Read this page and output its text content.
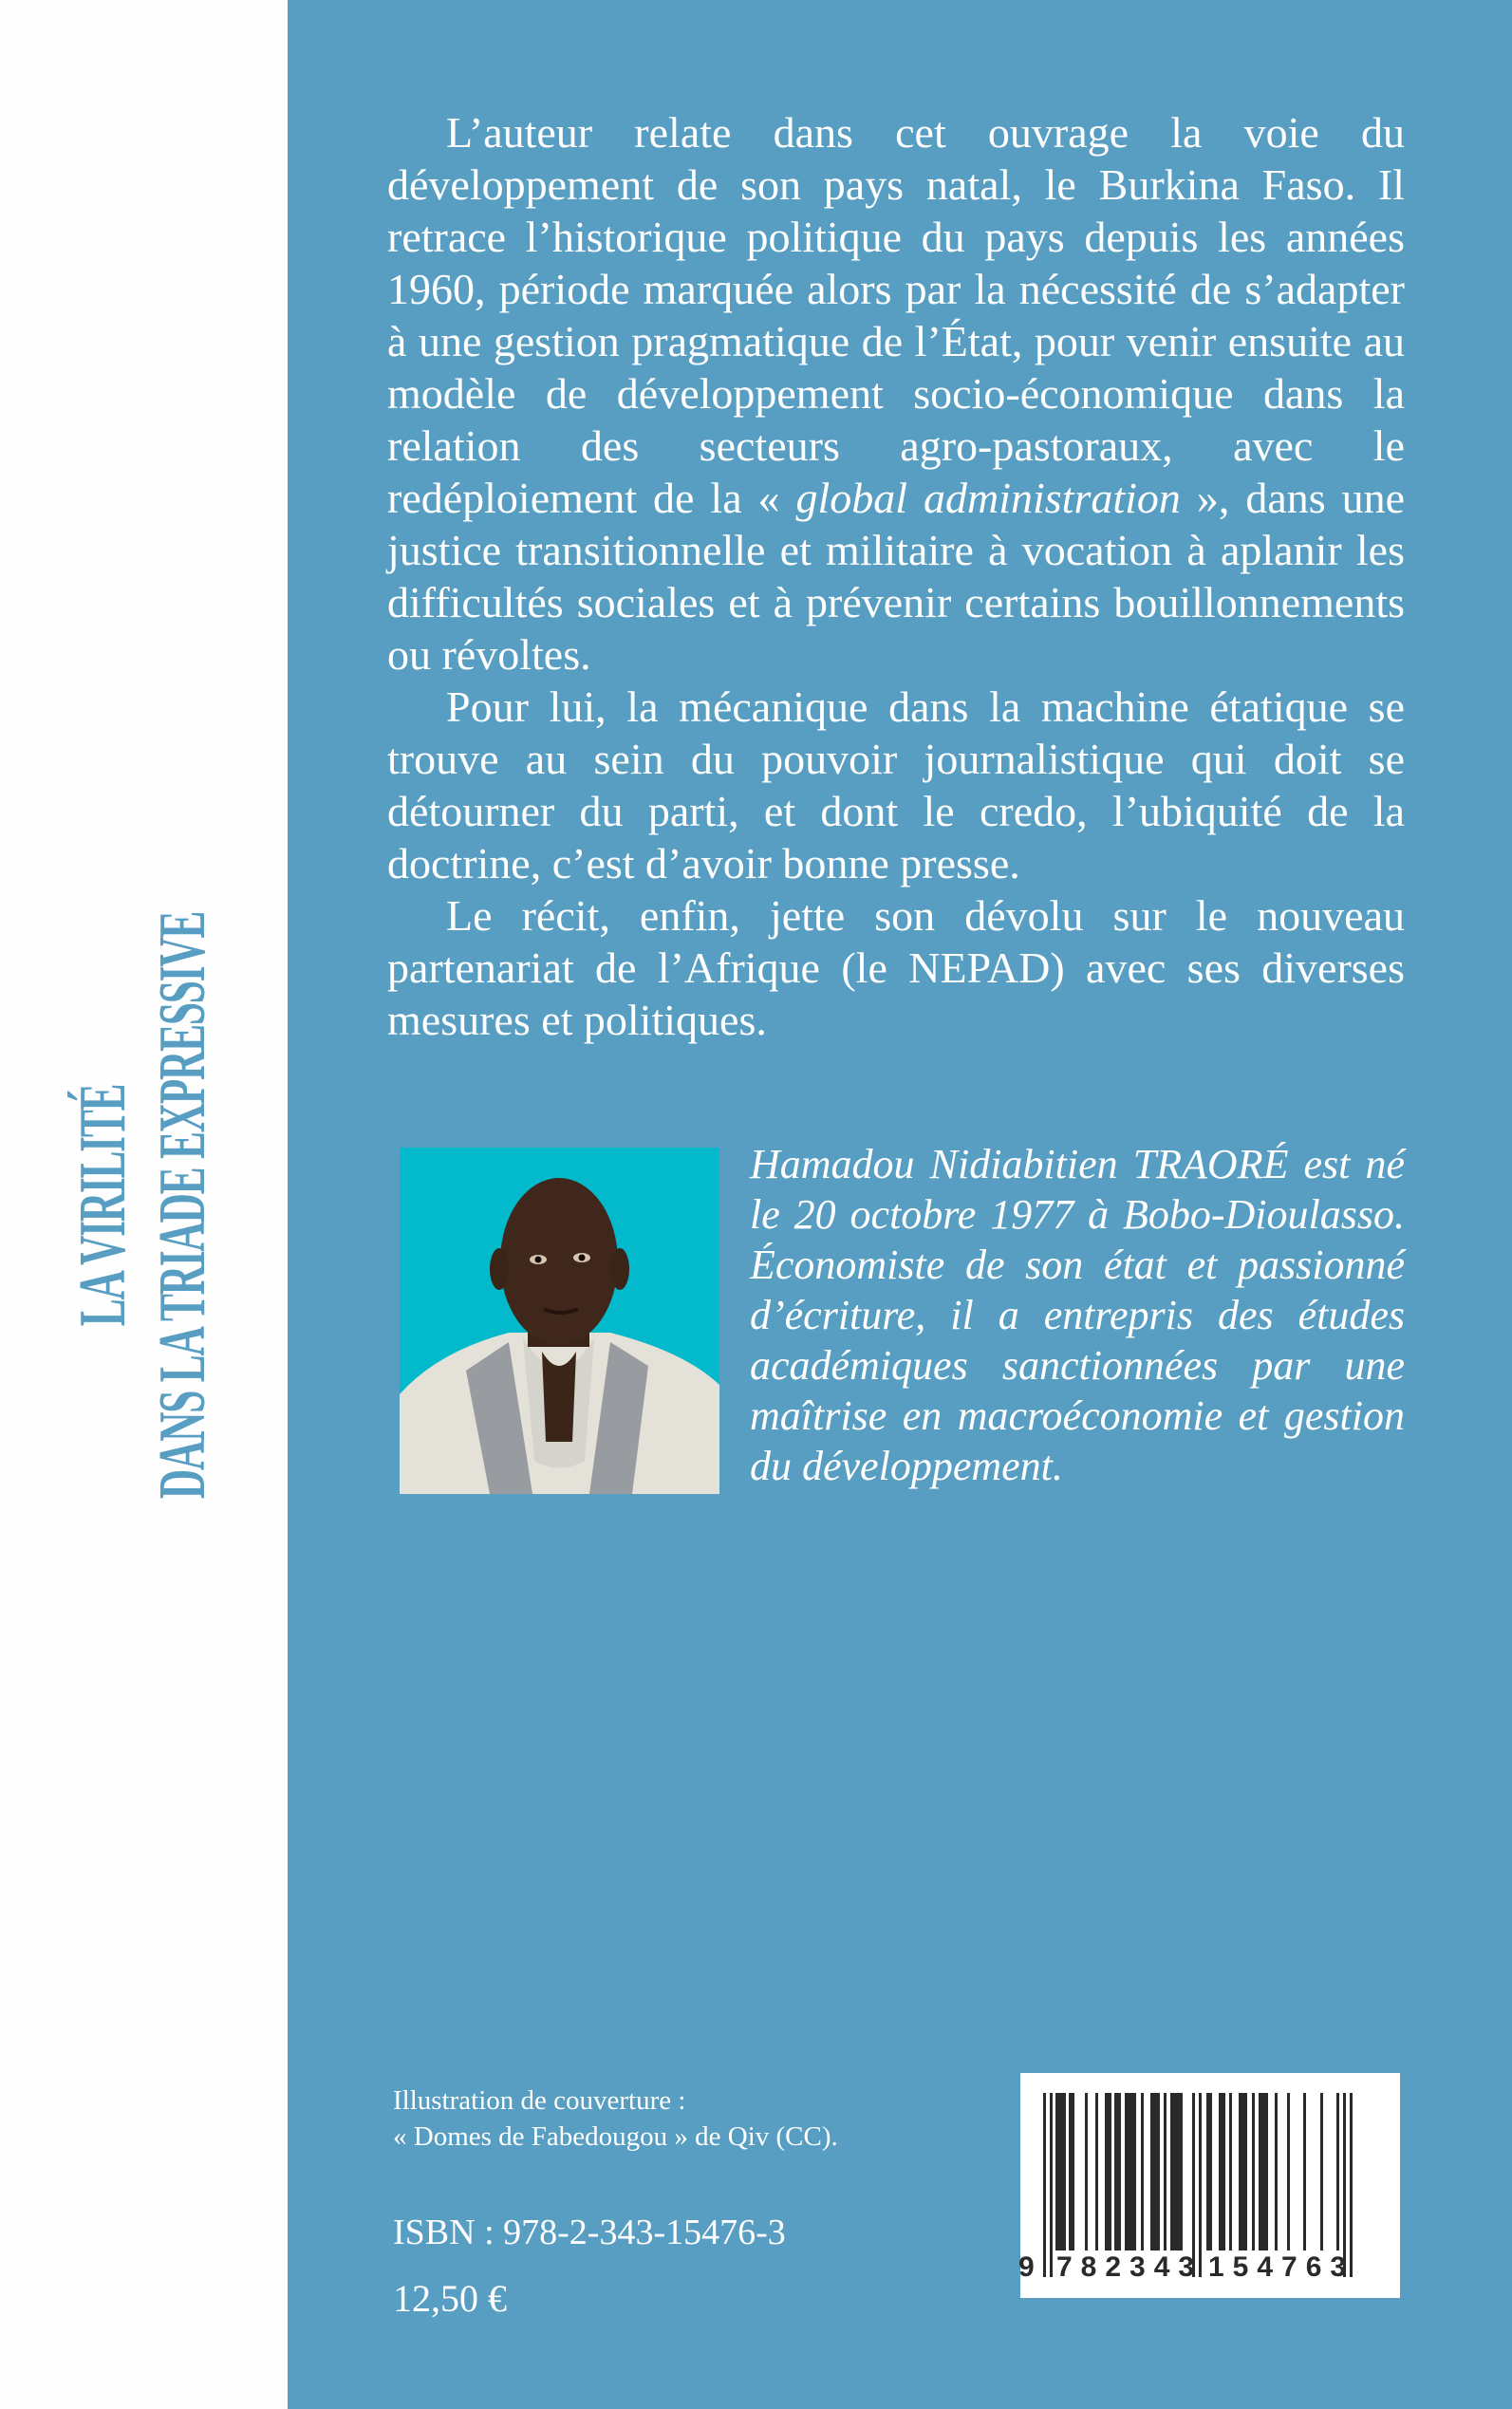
LA VIRILITÉ DANS LA TRIADE EXPRESSIVE

L’auteur relate dans cet ouvrage la voie du développement de son pays natal, le Burkina Faso. Il retrace l’historique politique du pays depuis les années 1960, période marquée alors par la nécessité de s’adapter à une gestion pragmatique de l’État, pour venir ensuite au modèle de développement socio-économique dans la relation des secteurs agro-pastoraux, avec le redéploiement de la « global administration », dans une justice transitionnelle et militaire à vocation à aplanir les difficultés sociales et à prévenir certains bouillonnements ou révoltes.

Pour lui, la mécanique dans la machine étatique se trouve au sein du pouvoir journalistique qui doit se détourner du parti, et dont le credo, l’ubiquité de la doctrine, c’est d’avoir bonne presse.

Le récit, enfin, jette son dévolu sur le nouveau partenariat de l’Afrique (le NEPAD) avec ses diverses mesures et politiques.

Hamadou Nidiabitien TRAORÉ est né le 20 octobre 1977 à Bobo-Dioulasso. Économiste de son état et passionné d’écriture, il a entrepris des études académiques sanctionnées par une maîtrise en macroéconomie et gestion du développement.

Illustration de couverture :
« Domes de Fabedougou » de Qiv (CC).
ISBN : 978-2-343-15476-3
12,50 €
9 782343 154763
